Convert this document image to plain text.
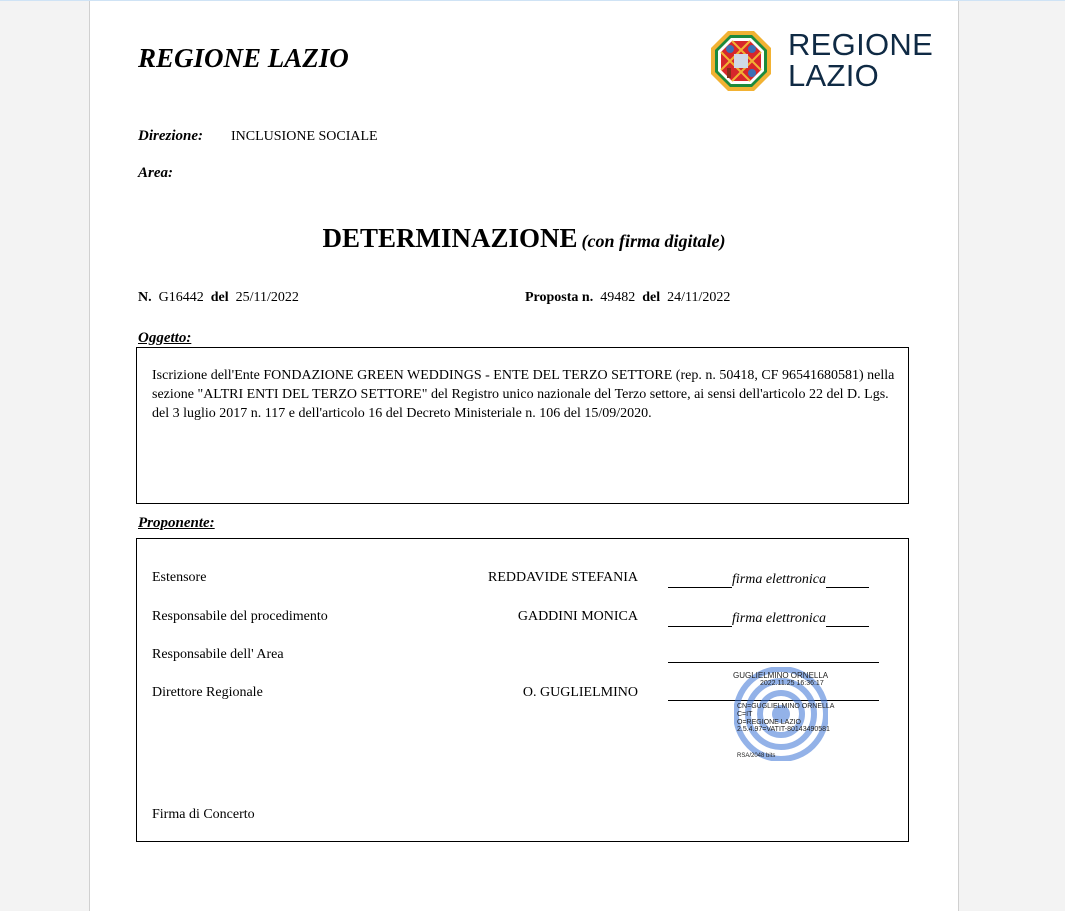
REGIONE LAZIO	REGIONE
LAZIO
Direzione: INCLUSIONE SOCIALE
Area:
DETERMINAZIONE (con firma digitale)
N. G16442 del 25/11/2022	Proposta n. 49482 del 24/11/2022
Oggetto:
Iscrizione dell'Ente FONDAZIONE GREEN WEDDINGS - ENTE DEL TERZO SETTORE (rep. n. 50418, CF 96541680581) nella sezione "ALTRI ENTI DEL TERZO SETTORE" del Registro unico nazionale del Terzo settore, ai sensi dell'articolo 22 del D. Lgs. del 3 luglio 2017 n. 117 e dell'articolo 16 del Decreto Ministeriale n. 106 del 15/09/2020.
Proponente:
Estensore	REDDAVIDE STEFANIA	firma elettronica
Responsabile del procedimento	GADDINI MONICA	firma elettronica
Responsabile dell' Area
Direttore Regionale	O. GUGLIELMINO
Firma di Concerto
GUGLIELMINO ORNELLA
2022.11.25 16:36:17
CN=GUGLIELMINO ORNELLA
C=IT
O=REGIONE LAZIO
2.5.4.97=VATIT-80143490581
RSA/2048 bits
